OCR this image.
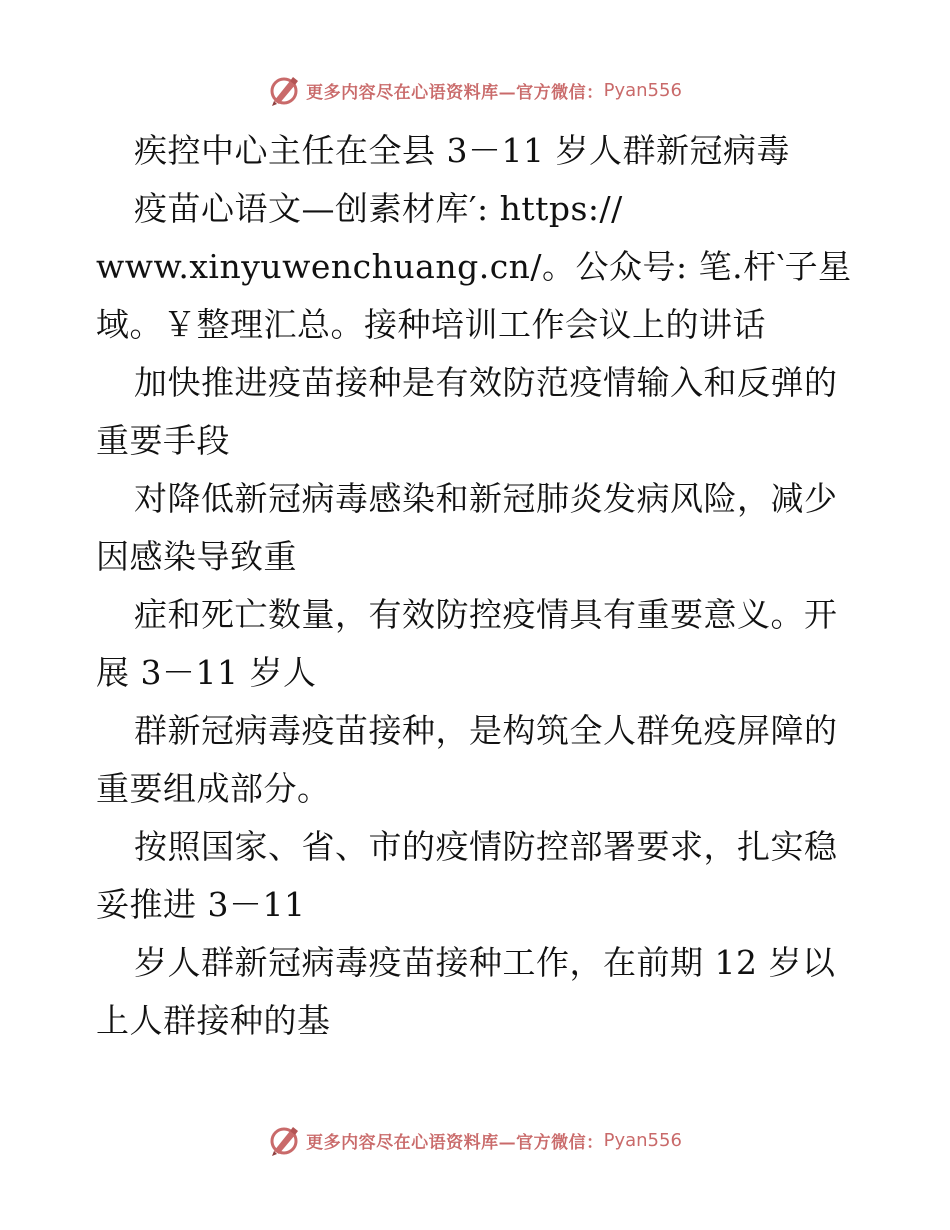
更多内容尽在心语资料库—官方微信： Pyan556
疾控中心主任在全县 3－11 岁人群新冠病毒
疫苗心语文—创素材库′: https://
www.xinyuwenchuang.cn/。公众号: 笔.杆‵子星
域。￥整理汇总。接种培训工作会议上的讲话
加快推进疫苗接种是有效防范疫情输入和反弹的
重要手段
对降低新冠病毒感染和新冠肺炎发病风险，减少
因感染导致重
症和死亡数量，有效防控疫情具有重要意义。开
展 3－11 岁人
群新冠病毒疫苗接种，是构筑全人群免疫屏障的
重要组成部分。
按照国家、省、市的疫情防控部署要求，扎实稳
妥推进 3－11
岁人群新冠病毒疫苗接种工作，在前期 12 岁以
上人群接种的基
更多内容尽在心语资料库—官方微信： Pyan556
